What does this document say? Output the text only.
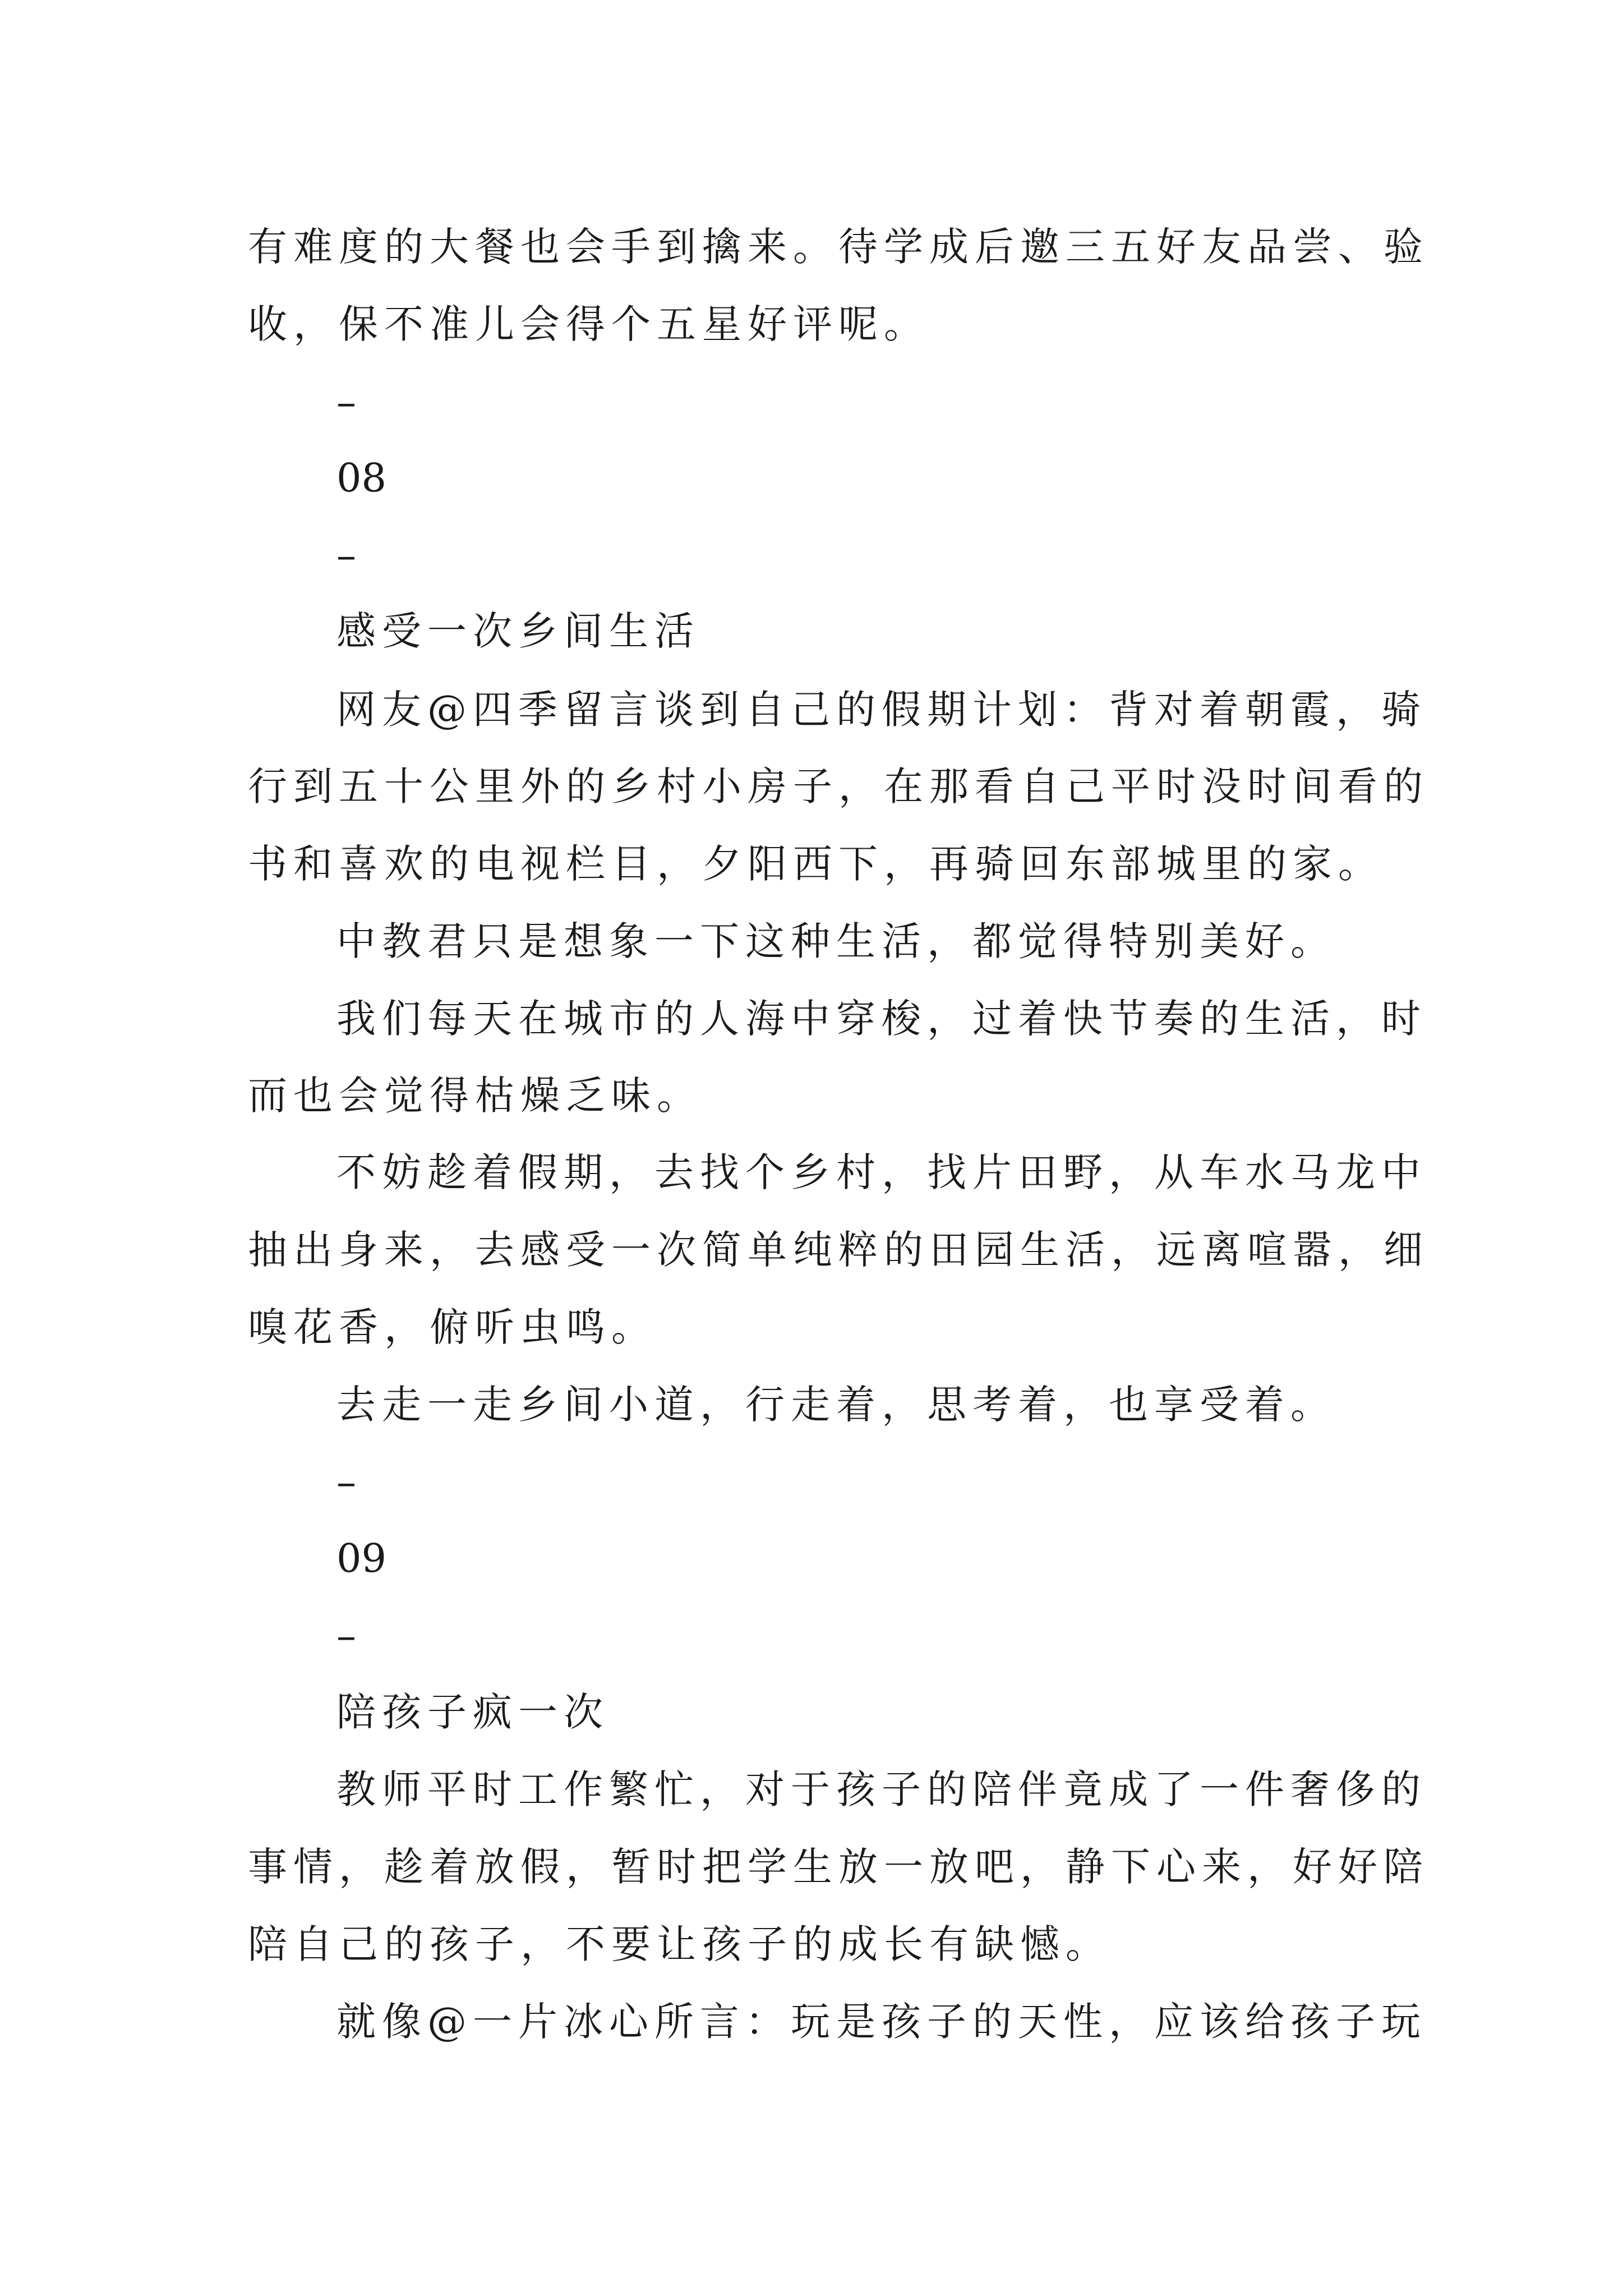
有难度的大餐也会手到擒来。待学成后邀三五好友品尝、验
收，保不准儿会得个五星好评呢。
–
08
–
感受一次乡间生活
网友@四季留言谈到自己的假期计划：背对着朝霞，骑
行到五十公里外的乡村小房子，在那看自己平时没时间看的
书和喜欢的电视栏目，夕阳西下，再骑回东部城里的家。
中教君只是想象一下这种生活，都觉得特别美好。
我们每天在城市的人海中穿梭，过着快节奏的生活，时
而也会觉得枯燥乏味。
不妨趁着假期，去找个乡村，找片田野，从车水马龙中
抽出身来，去感受一次简单纯粹的田园生活，远离喧嚣，细
嗅花香，俯听虫鸣。
去走一走乡间小道，行走着，思考着，也享受着。
–
09
–
陪孩子疯一次
教师平时工作繁忙，对于孩子的陪伴竟成了一件奢侈的
事情，趁着放假，暂时把学生放一放吧，静下心来，好好陪
陪自己的孩子，不要让孩子的成长有缺憾。
就像@一片冰心所言：玩是孩子的天性，应该给孩子玩
